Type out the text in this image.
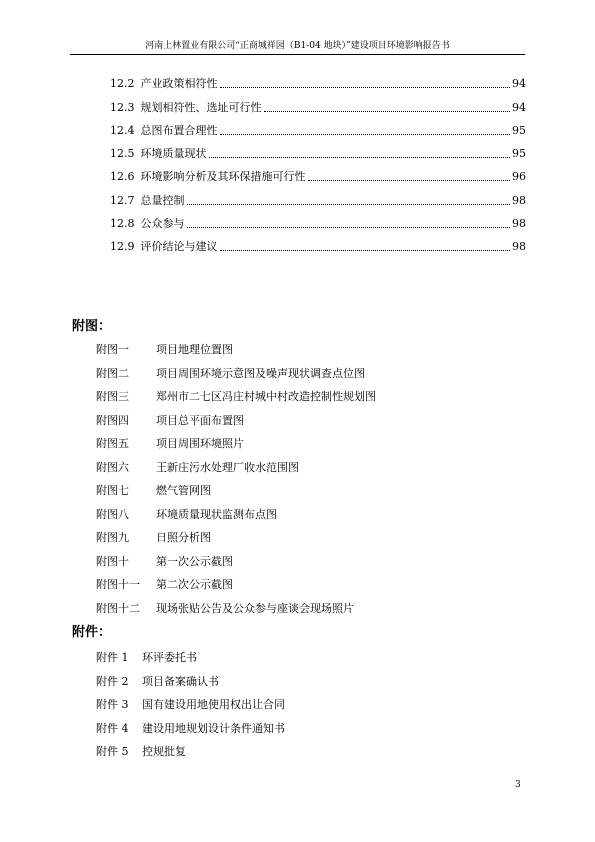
河南上林置业有限公司“正商城祥园（B1-04 地块）”建设项目环境影响报告书
12.2 产业政策相符性	94
12.3 规划相符性、选址可行性	94
12.4 总图布置合理性	95
12.5 环境质量现状	95
12.6 环境影响分析及其环保措施可行性	96
12.7 总量控制	98
12.8 公众参与	98
12.9 评价结论与建议	98
附图：
附图一 项目地理位置图
附图二 项目周围环境示意图及噪声现状调查点位图
附图三 郑州市二七区冯庄村城中村改造控制性规划图
附图四 项目总平面布置图
附图五 项目周围环境照片
附图六 王新庄污水处理厂收水范围图
附图七 燃气管网图
附图八 环境质量现状监测布点图
附图九 日照分析图
附图十 第一次公示截图
附图十一 第二次公示截图
附图十二 现场张贴公告及公众参与座谈会现场照片
附件：
附件 1 环评委托书
附件 2 项目备案确认书
附件 3 国有建设用地使用权出让合同
附件 4 建设用地规划设计条件通知书
附件 5 控规批复
3
